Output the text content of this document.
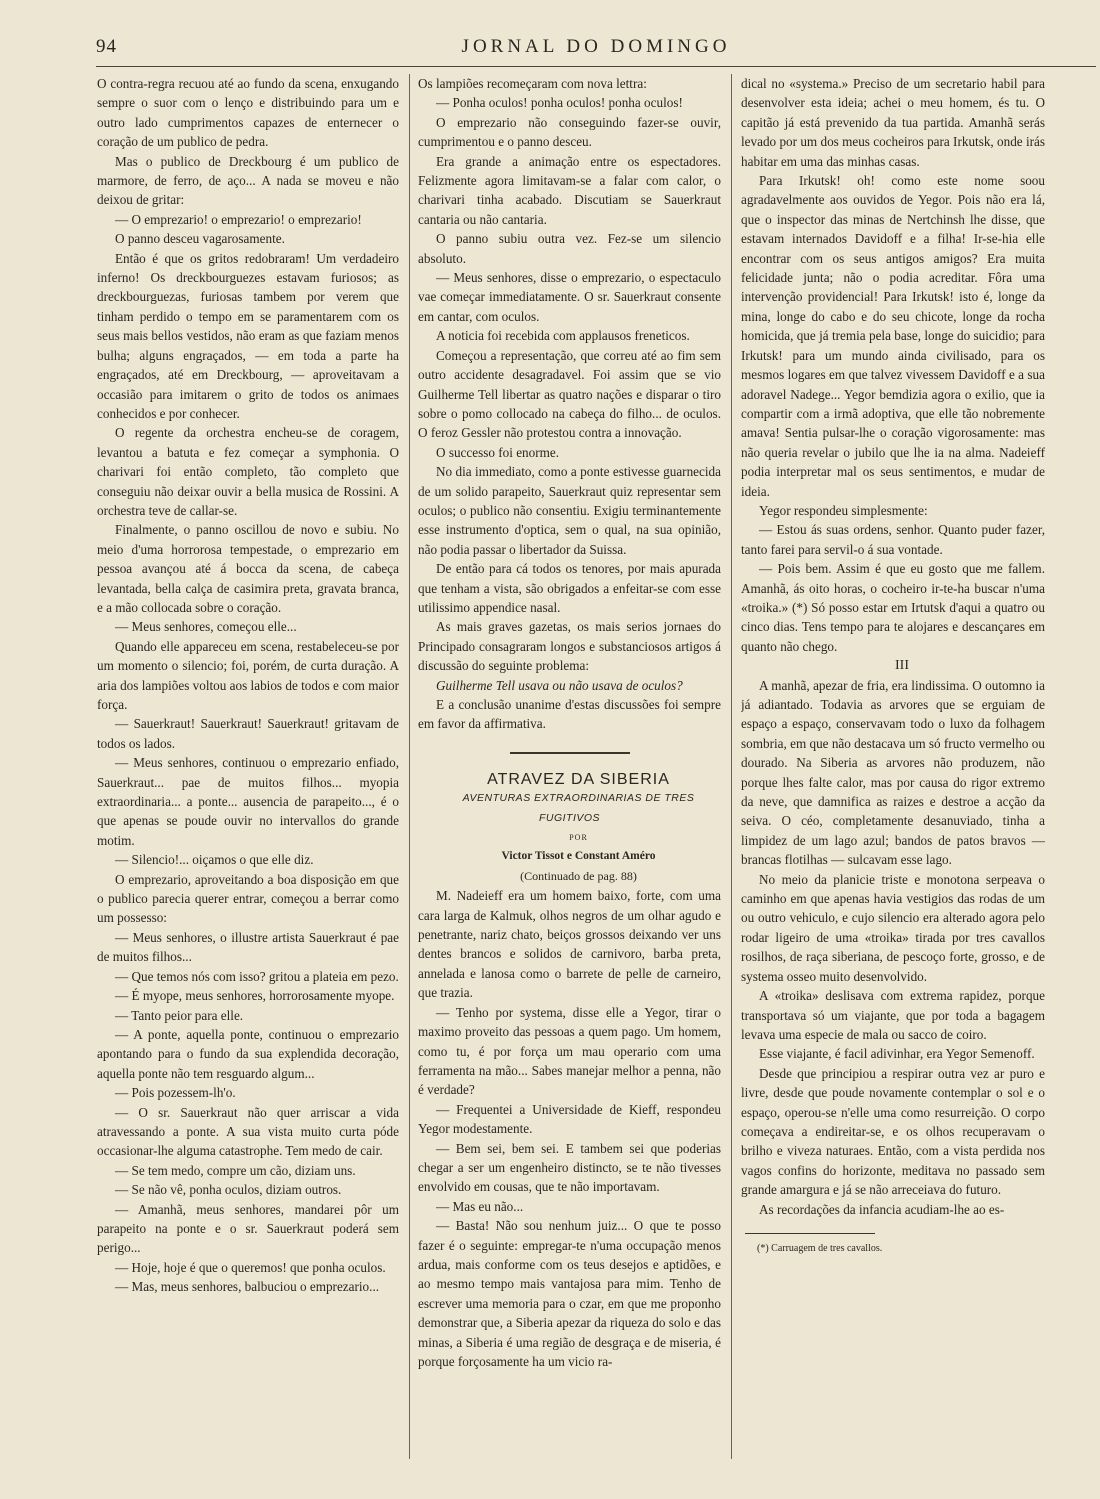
94	JORNAL DO DOMINGO

O contra-regra recuou até ao fundo da scena, enxugando sempre o suor com o lenço e distribuindo para um e outro lado cumprimentos capazes de enternecer o coração de um publico de pedra.

Mas o publico de Dreckbourg é um publico de marmore, de ferro, de aço... A nada se moveu e não deixou de gritar:

— O emprezario! o emprezario! o emprezario!

O panno desceu vagarosamente.

Então é que os gritos redobraram! Um verdadeiro inferno! Os dreckbourguezes estavam furiosos; as dreckbourguezas, furiosas tambem por verem que tinham perdido o tempo em se paramentarem com os seus mais bellos vestidos, não eram as que faziam menos bulha; alguns engraçados, — em toda a parte ha engraçados, até em Dreckbourg, — aproveitavam a occasião para imitarem o grito de todos os animaes conhecidos e por conhecer.

O regente da orchestra encheu-se de coragem, levantou a batuta e fez começar a symphonia. O charivari foi então completo, tão completo que conseguiu não deixar ouvir a bella musica de Rossini. A orchestra teve de callar-se.

Finalmente, o panno oscillou de novo e subiu. No meio d'uma horrorosa tempestade, o emprezario em pessoa avançou até á bocca da scena, de cabeça levantada, bella calça de casimira preta, gravata branca, e a mão collocada sobre o coração.

— Meus senhores, começou elle...

Quando elle appareceu em scena, restabeleceu-se por um momento o silencio; foi, porém, de curta duração. A aria dos lampiões voltou aos labios de todos e com maior força.

— Sauerkraut! Sauerkraut! Sauerkraut! gritavam de todos os lados.

— Meus senhores, continuou o emprezario enfiado, Sauerkraut... pae de muitos filhos... myopia extraordinaria... a ponte... ausencia de parapeito..., é o que apenas se poude ouvir no intervallos do grande motim.

— Silencio!... oiçamos o que elle diz.

O emprezario, aproveitando a boa disposição em que o publico parecia querer entrar, começou a berrar como um possesso:

— Meus senhores, o illustre artista Sauerkraut é pae de muitos filhos...

— Que temos nós com isso? gritou a plateia em pezo.

— É myope, meus senhores, horrorosamente myope.

— Tanto peior para elle.

— A ponte, aquella ponte, continuou o emprezario apontando para o fundo da sua explendida decoração, aquella ponte não tem resguardo algum...

— Pois pozessem-lh'o.

— O sr. Sauerkraut não quer arriscar a vida atravessando a ponte. A sua vista muito curta póde occasionar-lhe alguma catastrophe. Tem medo de cair.

— Se tem medo, compre um cão, diziam uns.

— Se não vê, ponha oculos, diziam outros.

— Amanhã, meus senhores, mandarei pôr um parapeito na ponte e o sr. Sauerkraut poderá sem perigo...

— Hoje, hoje é que o queremos! que ponha oculos.

— Mas, meus senhores, balbuciou o emprezario...

Os lampiões recomeçaram com nova lettra:

— Ponha oculos! ponha oculos! ponha oculos!

O emprezario não conseguindo fazer-se ouvir, cumprimentou e o panno desceu.

Era grande a animação entre os espectadores. Felizmente agora limitavam-se a falar com calor, o charivari tinha acabado. Discutiam se Sauerkraut cantaria ou não cantaria.

O panno subiu outra vez. Fez-se um silencio absoluto.

— Meus senhores, disse o emprezario, o espectaculo vae começar immediatamente. O sr. Sauerkraut consente em cantar, com oculos.

A noticia foi recebida com applausos freneticos.

Começou a representação, que correu até ao fim sem outro accidente desagradavel. Foi assim que se vio Guilherme Tell libertar as quatro nações e disparar o tiro sobre o pomo collocado na cabeça do filho... de oculos. O feroz Gessler não protestou contra a innovação.

O successo foi enorme.

No dia immediato, como a ponte estivesse guarnecida de um solido parapeito, Sauerkraut quiz representar sem oculos; o publico não consentiu. Exigiu terminantemente esse instrumento d'optica, sem o qual, na sua opinião, não podia passar o libertador da Suissa.

De então para cá todos os tenores, por mais apurada que tenham a vista, são obrigados a enfeitar-se com esse utilissimo appendice nasal.

As mais graves gazetas, os mais serios jornaes do Principado consagraram longos e substanciosos artigos á discussão do seguinte problema:

Guilherme Tell usava ou não usava de oculos?

E a conclusão unanime d'estas discussões foi sempre em favor da affirmativa.

ATRAVEZ DA SIBERIA

AVENTURAS EXTRAORDINARIAS DE TRES FUGITIVOS

POR

Victor Tissot e Constant Améro

(Continuado de pag. 88)

M. Nadeieff era um homem baixo, forte, com uma cara larga de Kalmuk, olhos negros de um olhar agudo e penetrante, nariz chato, beiços grossos deixando ver uns dentes brancos e solidos de carnivoro, barba preta, annelada e lanosa como o barrete de pelle de carneiro, que trazia.

— Tenho por systema, disse elle a Yegor, tirar o maximo proveito das pessoas a quem pago. Um homem, como tu, é por força um mau operario com uma ferramenta na mão... Sabes manejar melhor a penna, não é verdade?

— Frequentei a Universidade de Kieff, respondeu Yegor modestamente.

— Bem sei, bem sei. E tambem sei que poderias chegar a ser um engenheiro distincto, se te não tivesses envolvido em cousas, que te não importavam.

— Mas eu não...

— Basta! Não sou nenhum juiz... O que te posso fazer é o seguinte: empregar-te n'uma occupação menos ardua, mais conforme com os teus desejos e aptidões, e ao mesmo tempo mais vantajosa para mim. Tenho de escrever uma memoria para o czar, em que me proponho demonstrar que, a Siberia apezar da riqueza do solo e das minas, a Siberia é uma região de desgraça e de miseria, é porque forçosamente ha um vicio ra-

dical no «systema.» Preciso de um secretario habil para desenvolver esta ideia; achei o meu homem, és tu. O capitão já está prevenido da tua partida. Amanhã serás levado por um dos meus cocheiros para Irkutsk, onde irás habitar em uma das minhas casas.

Para Irkutsk! oh! como este nome soou agradavelmente aos ouvidos de Yegor. Pois não era lá, que o inspector das minas de Nertchinsh lhe disse, que estavam internados Davidoff e a filha! Ir-se-hia elle encontrar com os seus antigos amigos? Era muita felicidade junta; não o podia acreditar. Fôra uma intervenção providencial! Para Irkutsk! isto é, longe da mina, longe do cabo e do seu chicote, longe da rocha homicida, que já tremia pela base, longe do suicidio; para Irkutsk! para um mundo ainda civilisado, para os mesmos logares em que talvez vivessem Davidoff e a sua adoravel Nadege... Yegor bemdizia agora o exilio, que ia compartir com a irmã adoptiva, que elle tão nobremente amava! Sentia pulsar-lhe o coração vigorosamente: mas não queria revelar o jubilo que lhe ia na alma. Nadeieff podia interpretar mal os seus sentimentos, e mudar de ideia.

Yegor respondeu simplesmente:

— Estou ás suas ordens, senhor. Quanto puder fazer, tanto farei para servil-o á sua vontade.

— Pois bem. Assim é que eu gosto que me fallem. Amanhã, ás oito horas, o cocheiro ir-te-ha buscar n'uma «troika.» (*) Só posso estar em Irtutsk d'aqui a quatro ou cinco dias. Tens tempo para te alojares e descançares em quanto não chego.

III

A manhã, apezar de fria, era lindissima. O outomno ia já adiantado. Todavia as arvores que se erguiam de espaço a espaço, conservavam todo o luxo da folhagem sombria, em que não destacava um só fructo vermelho ou dourado. Na Siberia as arvores não produzem, não porque lhes falte calor, mas por causa do rigor extremo da neve, que damnifica as raizes e destroe a acção da seiva. O céo, completamente desanuviado, tinha a limpidez de um lago azul; bandos de patos bravos — brancas flotilhas — sulcavam esse lago.

No meio da planicie triste e monotona serpeava o caminho em que apenas havia vestigios das rodas de um ou outro vehiculo, e cujo silencio era alterado agora pelo rodar ligeiro de uma «troika» tirada por tres cavallos rosilhos, de raça siberiana, de pescoço forte, grosso, e de systema osseo muito desenvolvido.

A «troika» deslisava com extrema rapidez, porque transportava só um viajante, que por toda a bagagem levava uma especie de mala ou sacco de coiro.

Esse viajante, é facil adivinhar, era Yegor Semenoff.

Desde que principiou a respirar outra vez ar puro e livre, desde que poude novamente contemplar o sol e o espaço, operou-se n'elle uma como resurreição. O corpo começava a endireitar-se, e os olhos recuperavam o brilho e viveza naturaes. Então, com a vista perdida nos vagos confins do horizonte, meditava no passado sem grande amargura e já se não arreceiava do futuro.

As recordações da infancia acudiam-lhe ao es-

(*) Carruagem de tres cavallos.
